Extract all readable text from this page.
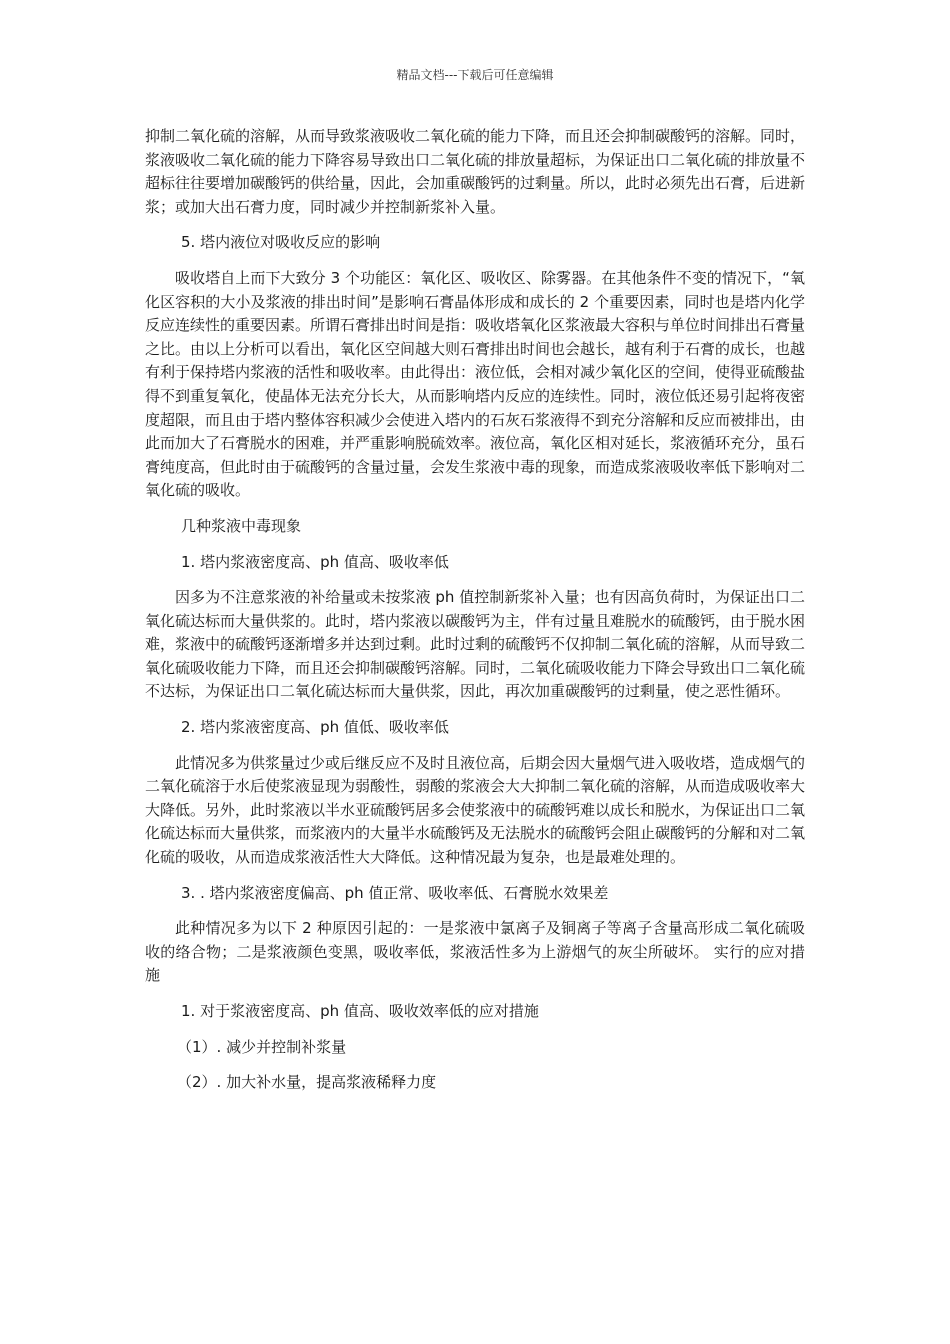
精品文档---下载后可任意编辑

抑制二氧化硫的溶解，从而导致浆液吸收二氧化硫的能力下降，而且还会抑制碳酸钙的溶解。同时，浆液吸收二氧化硫的能力下降容易导致出口二氧化硫的排放量超标，为保证出口二氧化硫的排放量不超标往往要增加碳酸钙的供给量，因此，会加重碳酸钙的过剩量。所以，此时必须先出石膏，后进新浆；或加大出石膏力度，同时减少并控制新浆补入量。

5. 塔内液位对吸收反应的影响

吸收塔自上而下大致分 3 个功能区：氧化区、吸收区、除雾器。在其他条件不变的情况下，“氧化区容积的大小及浆液的排出时间”是影响石膏晶体形成和成长的 2 个重要因素，同时也是塔内化学反应连续性的重要因素。所谓石膏排出时间是指：吸收塔氧化区浆液最大容积与单位时间排出石膏量之比。由以上分析可以看出，氧化区空间越大则石膏排出时间也会越长，越有利于石膏的成长，也越有利于保持塔内浆液的活性和吸收率。由此得出：液位低，会相对减少氧化区的空间，使得亚硫酸盐得不到重复氧化，使晶体无法充分长大，从而影响塔内反应的连续性。同时，液位低还易引起将夜密度超限，而且由于塔内整体容积减少会使进入塔内的石灰石浆液得不到充分溶解和反应而被排出，由此而加大了石膏脱水的困难，并严重影响脱硫效率。液位高，氧化区相对延长，浆液循环充分，虽石膏纯度高，但此时由于硫酸钙的含量过量，会发生浆液中毒的现象，而造成浆液吸收率低下影响对二氧化硫的吸收。

几种浆液中毒现象

1. 塔内浆液密度高、ph 值高、吸收率低

因多为不注意浆液的补给量或未按浆液 ph 值控制新浆补入量；也有因高负荷时，为保证出口二氧化硫达标而大量供浆的。此时，塔内浆液以碳酸钙为主，伴有过量且难脱水的硫酸钙，由于脱水困难，浆液中的硫酸钙逐渐增多并达到过剩。此时过剩的硫酸钙不仅抑制二氧化硫的溶解，从而导致二氧化硫吸收能力下降，而且还会抑制碳酸钙溶解。同时，二氧化硫吸收能力下降会导致出口二氧化硫不达标，为保证出口二氧化硫达标而大量供浆，因此，再次加重碳酸钙的过剩量，使之恶性循环。

2. 塔内浆液密度高、ph 值低、吸收率低

此情况多为供浆量过少或后继反应不及时且液位高，后期会因大量烟气进入吸收塔，造成烟气的二氧化硫溶于水后使浆液显现为弱酸性，弱酸的浆液会大大抑制二氧化硫的溶解，从而造成吸收率大大降低。另外，此时浆液以半水亚硫酸钙居多会使浆液中的硫酸钙难以成长和脱水，为保证出口二氧化硫达标而大量供浆，而浆液内的大量半水硫酸钙及无法脱水的硫酸钙会阻止碳酸钙的分解和对二氧化硫的吸收，从而造成浆液活性大大降低。这种情况最为复杂，也是最难处理的。

3. . 塔内浆液密度偏高、ph 值正常、吸收率低、石膏脱水效果差

此种情况多为以下 2 种原因引起的：一是浆液中氯离子及铜离子等离子含量高形成二氧化硫吸收的络合物；二是浆液颜色变黑，吸收率低，浆液活性多为上游烟气的灰尘所破坏。 实行的应对措施

1. 对于浆液密度高、ph 值高、吸收效率低的应对措施

（1）. 减少并控制补浆量

（2）. 加大补水量，提高浆液稀释力度
